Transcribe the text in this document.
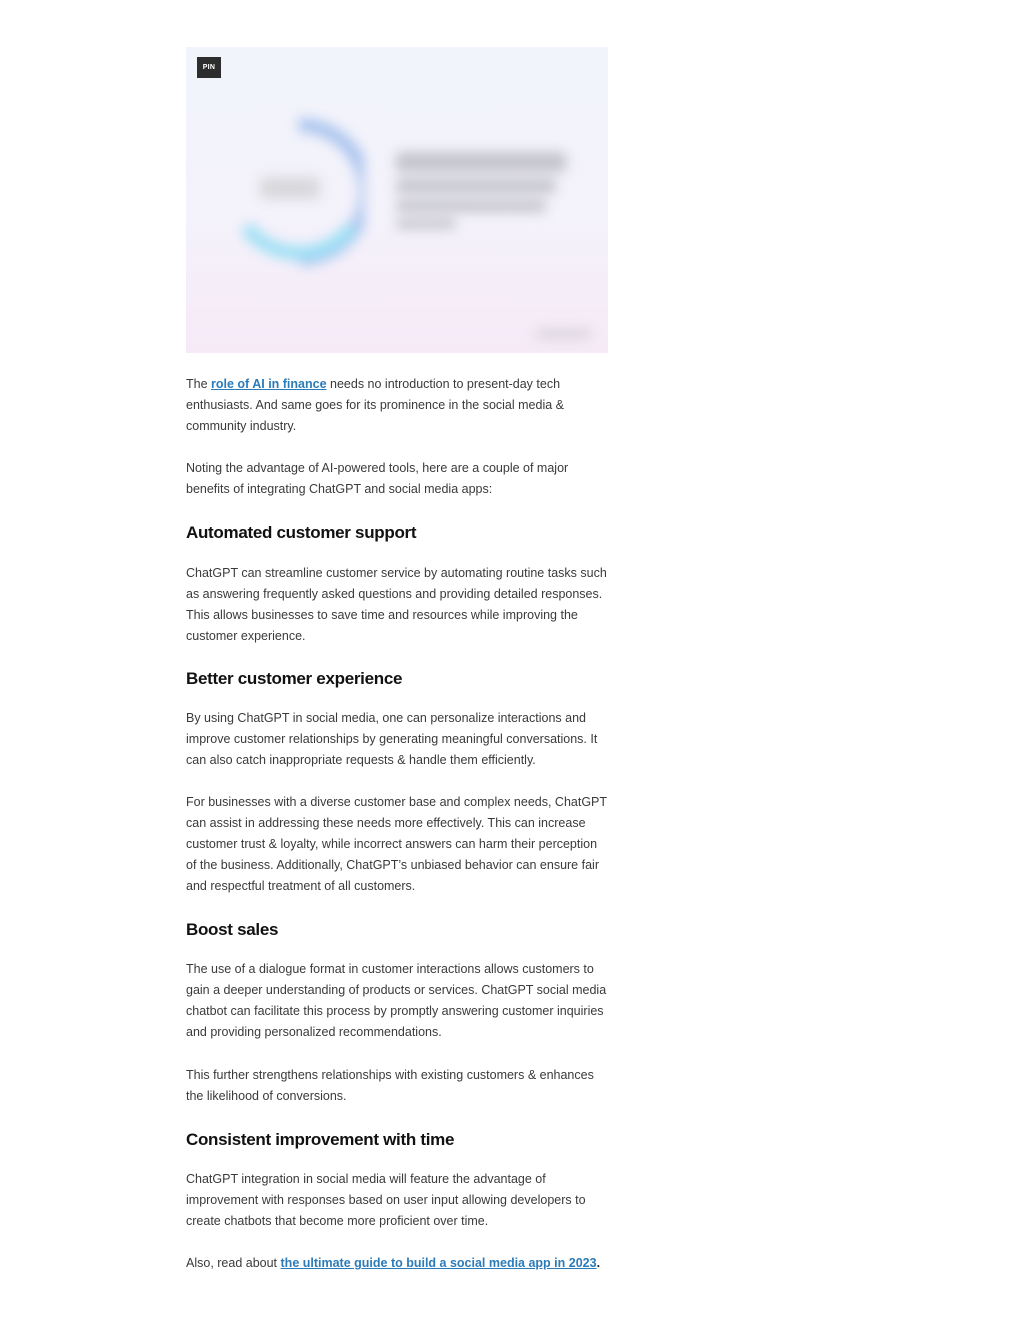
PIN

The role of AI in finance needs no introduction to present-day tech enthusiasts. And same goes for its prominence in the social media & community industry.

Noting the advantage of AI-powered tools, here are a couple of major benefits of integrating ChatGPT and social media apps:

Automated customer support

ChatGPT can streamline customer service by automating routine tasks such as answering frequently asked questions and providing detailed responses. This allows businesses to save time and resources while improving the customer experience.

Better customer experience

By using ChatGPT in social media, one can personalize interactions and improve customer relationships by generating meaningful conversations. It can also catch inappropriate requests & handle them efficiently.

For businesses with a diverse customer base and complex needs, ChatGPT can assist in addressing these needs more effectively. This can increase customer trust & loyalty, while incorrect answers can harm their perception of the business. Additionally, ChatGPT’s unbiased behavior can ensure fair and respectful treatment of all customers.

Boost sales

The use of a dialogue format in customer interactions allows customers to gain a deeper understanding of products or services. ChatGPT social media chatbot can facilitate this process by promptly answering customer inquiries and providing personalized recommendations.

This further strengthens relationships with existing customers & enhances the likelihood of conversions.

Consistent improvement with time

ChatGPT integration in social media will feature the advantage of improvement with responses based on user input allowing developers to create chatbots that become more proficient over time.

Also, read about the ultimate guide to build a social media app in 2023.
